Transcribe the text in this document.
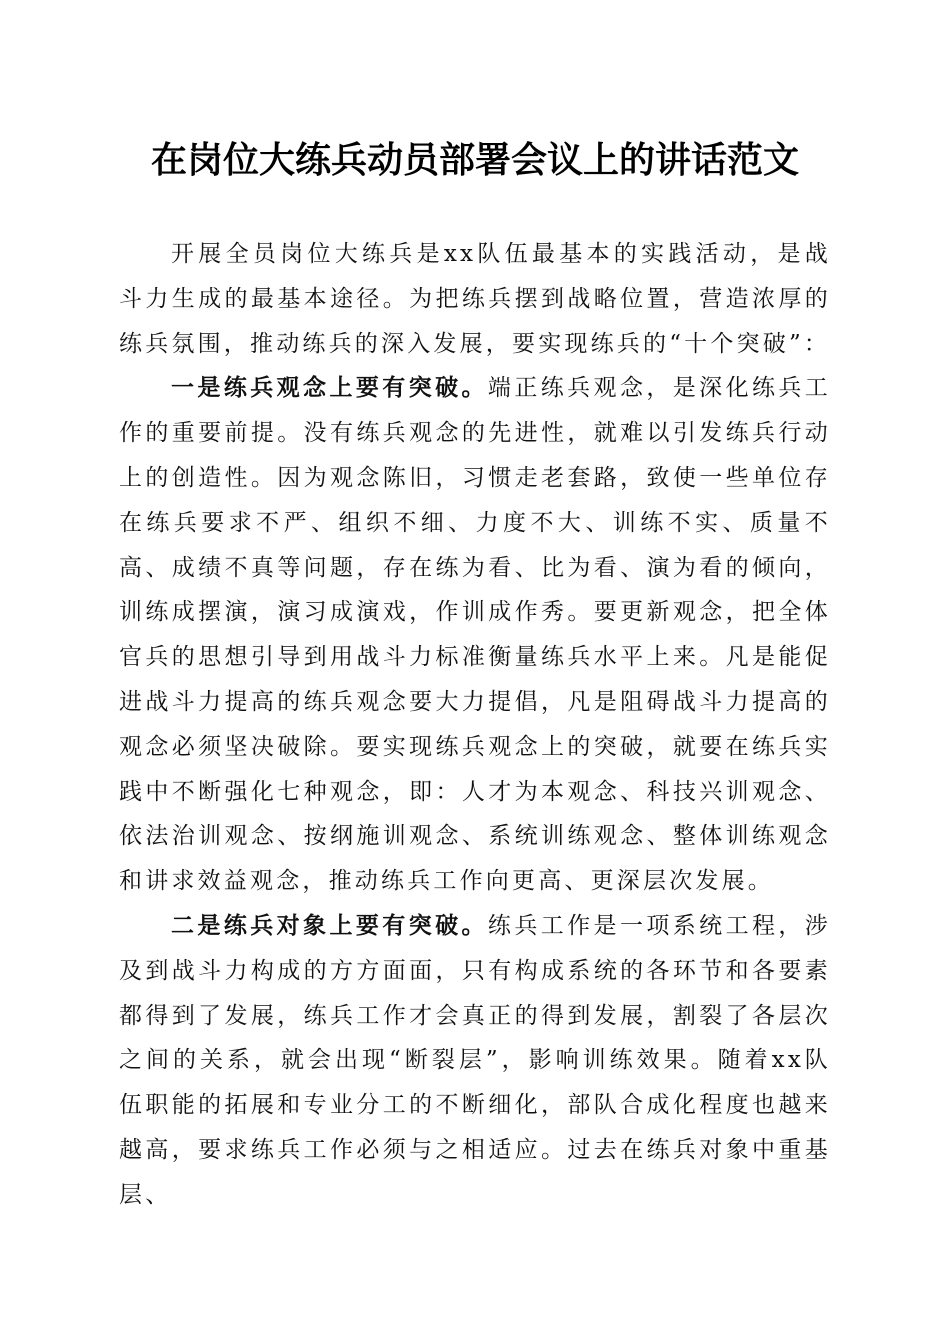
在岗位大练兵动员部署会议上的讲话范文

开展全员岗位大练兵是xx队伍最基本的实践活动，是战斗力生成的最基本途径。为把练兵摆到战略位置，营造浓厚的练兵氛围，推动练兵的深入发展，要实现练兵的“十个突破”：

一是练兵观念上要有突破。端正练兵观念，是深化练兵工作的重要前提。没有练兵观念的先进性，就难以引发练兵行动上的创造性。因为观念陈旧，习惯走老套路，致使一些单位存在练兵要求不严、组织不细、力度不大、训练不实、质量不高、成绩不真等问题，存在练为看、比为看、演为看的倾向，训练成摆演，演习成演戏，作训成作秀。要更新观念，把全体官兵的思想引导到用战斗力标准衡量练兵水平上来。凡是能促进战斗力提高的练兵观念要大力提倡，凡是阻碍战斗力提高的观念必须坚决破除。要实现练兵观念上的突破，就要在练兵实践中不断强化七种观念，即：人才为本观念、科技兴训观念、依法治训观念、按纲施训观念、系统训练观念、整体训练观念和讲求效益观念，推动练兵工作向更高、更深层次发展。

二是练兵对象上要有突破。练兵工作是一项系统工程，涉及到战斗力构成的方方面面，只有构成系统的各环节和各要素都得到了发展，练兵工作才会真正的得到发展，割裂了各层次之间的关系，就会出现“断裂层”，影响训练效果。随着xx队伍职能的拓展和专业分工的不断细化，部队合成化程度也越来越高，要求练兵工作必须与之相适应。过去在练兵对象中重基层、
